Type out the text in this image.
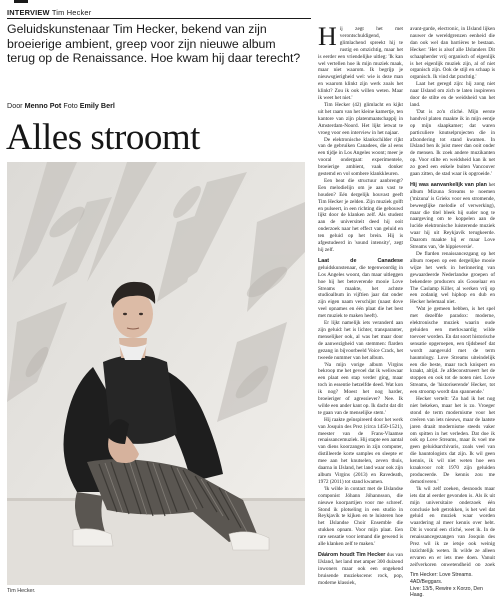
INTERVIEW Tim Hecker

Geluidskunstenaar Tim Hecker, bekend van zijn broeierige ambient, greep voor zijn nieuwe album terug op de Renaissance. Hoe kwam hij daar terecht?

Door Menno Pot Foto Emily Berl
Alles stroomt
Tim Hecker.

Hij zegt het met verontschuldigend, glimlachend spreekt hij te rustig en omzichtig, maar het is eerder een vriendelijke uitleg: 'Ik kan wel vertellen hoe ik mijn muziek maak, maar niet waarom. Ik begrijp je nieuwsgierigheid wel: wie is deze man en waarom klinkt zijn werk zoals het klinkt? Zou ik ook willen weten. Maar ik weet het niet.'

Tim Hecker (42) glimlacht en kijkt uit het raam van het kleine kamertje, ten kantore van zijn platenmaatschappij in Amsterdam-Noord. Het lijkt ietwat te vroeg voor een interview in het najaar.

De elektronische klankschilder rijkt van de gebruiken Canadees, die al eens een tijdje in Los Angeles woont; meer je vooral ondergaat: experimentele, broeierige ambient, vaak donker gestemd en vol sombere klankkleuren.

Een beat die structuur aanbrengt? Een melodielijn om je aan vast te houden? Eén dergelijk houvast geeft Tim Hecker je zelden. Zijn muziek golft en pulseert, in een richting die gebouwd lijkt door de klanken zelf. Als student aan de universiteit deed hij ooit onderzoek naar het effect van geluid en ten geluid op het brein. Hij is afgestudeerd in 'sound intensity', zegt hij zelf.

Laat de Canadese geluidskunstenaar, die tegenwoordig in Los Angeles woont, dan maar uitleggen hoe hij het betoverende mooie Love Streams maakte, het achtste studioalbum in vijftien jaar dat onder zijn eigen naam verschijnt (naast dove veel opnames en één plaat die het best met muziek te maken heeft).

Er lijkt namelijk iets veranderd aan zijn geluid: het is lichter, transparanter, menselijker ook, al was het maar door de aanwezigheid van stemmen: flarden gezang in bijvoorbeeld Voice Crack, het tweede nummer van het album.

'Na mijn vorige album Virgins bekroop me het gevoel dat ik weliswaar een plaat een stap verder ging, maar toch in essentie hetzelfde deed. Wat kon ik nog? Moest het nog harder, broeieriger of agressiever? Nee. Ik wilde een ander kant op. Ik dacht dat dit te gaan van de menselijke stem.'

Hij raakte geïnspireerd door het werk van Josquin des Prez (circa 1450-1521), meester van de Frans-Vlaamse renaissancemuziek. Hij stapte een aantal van diens koorzangen in zijn computer, distilleerde korte samples en sleepte er mee aan het knutselen, zeven thuis, daarna in IJsland, het land waar ook zijn album Virgins (2013) en Ravedeath, 1972 (2011) tot stand kwamen.

'Ik wilde in contact met de IJslandse componist Jóhann Jóhannsson, die nieuwe koorpartijen voor me schreef. Stond ik plotseling in een studio in Reykjavík te kijken en te luisteren hoe het IJslandse Choir Ensemble die stukken opnam. Voor mijn plaat. Een rare sensatie voor iemand die gewend is alle klanken zelf te maken.'

Dáárom houdt Tim Hecker dus van IJsland, het land met amper 300 duizend inwoners maar ook een ongekend bruisende muziekscene: rock, pop, moderne klassiek,

avant-garde, electronic, in IJsland lijken nauwer de wereldgrenzen eenheid die dan ook wel dan barrières te bestaan. Hecker: 'Het is alsof alle IJslanders Dit schaapherder vrij organisch of eigenlijk is het eigenlijk muziek zijn, al of niet organisch zijn. Ook de stijl en schaap is organisch. Ik vind dat prachtig.'

Laat het geregd zijn: hij zong niet naar IJsland om zich te laten inspireren door de stilte en de weidsheid van het land.

'Dat is zo'n cliché. Mijn eerste handvol platen maakte ik in mijn eentje op mijn slaapkamer; dat waren particuliere knutselprojecten die in afzondering tot stand kwamen. In IJsland ben ik juist meer dan ooit onder de mensen. Ik zoek andere muzikanten op. Voor stilte en weidsheid kan ik net zo goed een enkele buiten Vancouver gaan zitten, de stad waar ik opgroeide.'

Hij was aanvankelijk van plan het album Mizuna Streams te noemen ('mizuna' is Grieks voor een stromende, beweeglijke melodie of verwerking), maar die titel bleek hij suder nog te naargeving om te koppelen aan de lucide elektronische luisterende muziek waar hij uit Reykjavík terugkeerde. Daarom maakte hij er maar Love Streams van, 'de hippieversie'.

De flarden renaissancezgang op het album roepen op een dergelijke mooie wijze het werk in herinnering van gewaardeerde Nederlandse groepen of bekendere producers als Gosselaar en The Caslamp Killer, al werken vrij op een zodanig wel hiphop en dub en Hecker helemaal niet.

'Wat je gemeen hebben, is het spel met dezelfde paradox: moderne, elektronische muziek waarin oude geluiden een merkwaardig wilde toevoer worden. En dat soort historische sensatie opgeroepen, een tijdsbesef dat wordt aangevuld met de term hauntology. Love Streams uiteindelijk een die beste, maar toch knispert en kraakt, altijd. Je afdeconstrueert het de stoppen en ook tot de noten niet. Love Streams, de 'historiserende' Hecker, tot een stroomp wordt dan spannende.'

Hecker vertelt: 'Zo had ik het nog niet bekeken, maar het is zo. Vroeger stond de term modernisme voor het creëren van iets nieuws, maar de laatste jaren draait modernisme steeds vaker om spitten in het verleden. Dat doe ik ook op Love Streams, maar ik voel me geen geluidsarchivaris, zoals veel van die hauntologists dat zijn. Ik wil geen kennis, ik wil niet weten hoe een kraakvoor rolt 1970 zijn geluiden produceerde. De kennis zou me demotiveren.'

'Ik wil zelf zoeken, desnoods maar iets dat al eerder gevonden is. Als ik uit mijn universitaire onderzoek één conclusie heb getrokken, is het wel dat geluid en muziek waar worden waardering al meer kennis over hebt. Dit is vooral een cliché, weet ik. In de renaissancegezangen van Josquin des Prez wil ik ze ietsje ook weinig inzichtelijk weten. Ik wilde ze alleen ervaren en er iets mee doen. Vanuit zeifverkoren onwetendheid op zoek

Tim Hecker: Love Streams.
4AD/Beggars.
Live: 13/5, Rewire x Korzo, Den Haag.
